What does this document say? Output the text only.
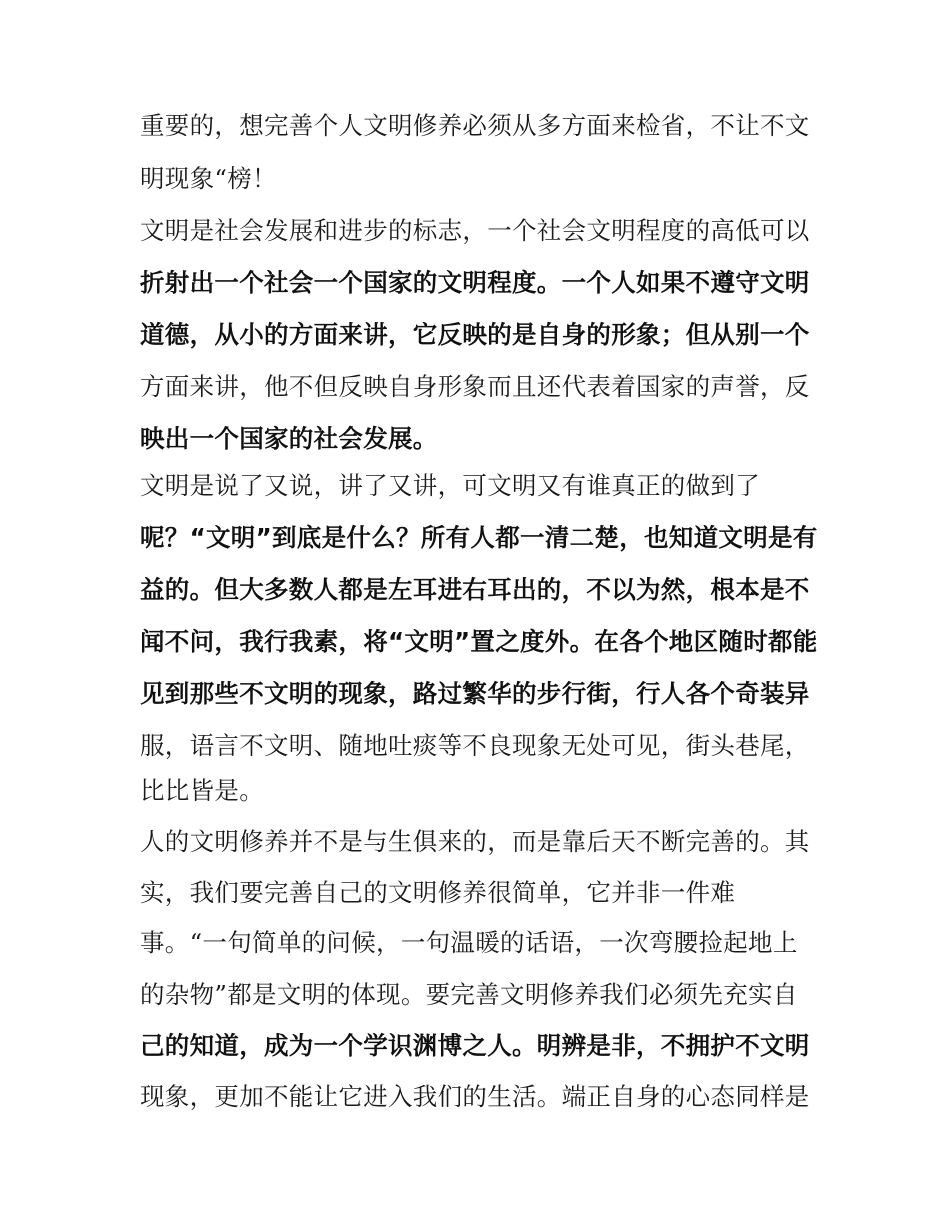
重要的，想完善个人文明修养必须从多方面来检省，不让不文
明现象“榜！
文明是社会发展和进步的标志，一个社会文明程度的高低可以
折射出一个社会一个国家的文明程度。一个人如果不遵守文明
道德，从小的方面来讲，它反映的是自身的形象；但从别一个
方面来讲，他不但反映自身形象而且还代表着国家的声誉，反
映出一个国家的社会发展。
文明是说了又说，讲了又讲，可文明又有谁真正的做到了
呢？“文明”到底是什么？所有人都一清二楚，也知道文明是有
益的。但大多数人都是左耳进右耳出的，不以为然，根本是不
闻不问，我行我素，将“文明”置之度外。在各个地区随时都能
见到那些不文明的现象，路过繁华的步行街，行人各个奇装异
服，语言不文明、随地吐痰等不良现象无处可见，街头巷尾，
比比皆是。
人的文明修养并不是与生俱来的，而是靠后天不断完善的。其
实，我们要完善自己的文明修养很简单，它并非一件难
事。“一句简单的问候，一句温暖的话语，一次弯腰捡起地上
的杂物”都是文明的体现。要完善文明修养我们必须先充实自
己的知道，成为一个学识渊博之人。明辨是非，不拥护不文明
现象，更加不能让它进入我们的生活。端正自身的心态同样是
